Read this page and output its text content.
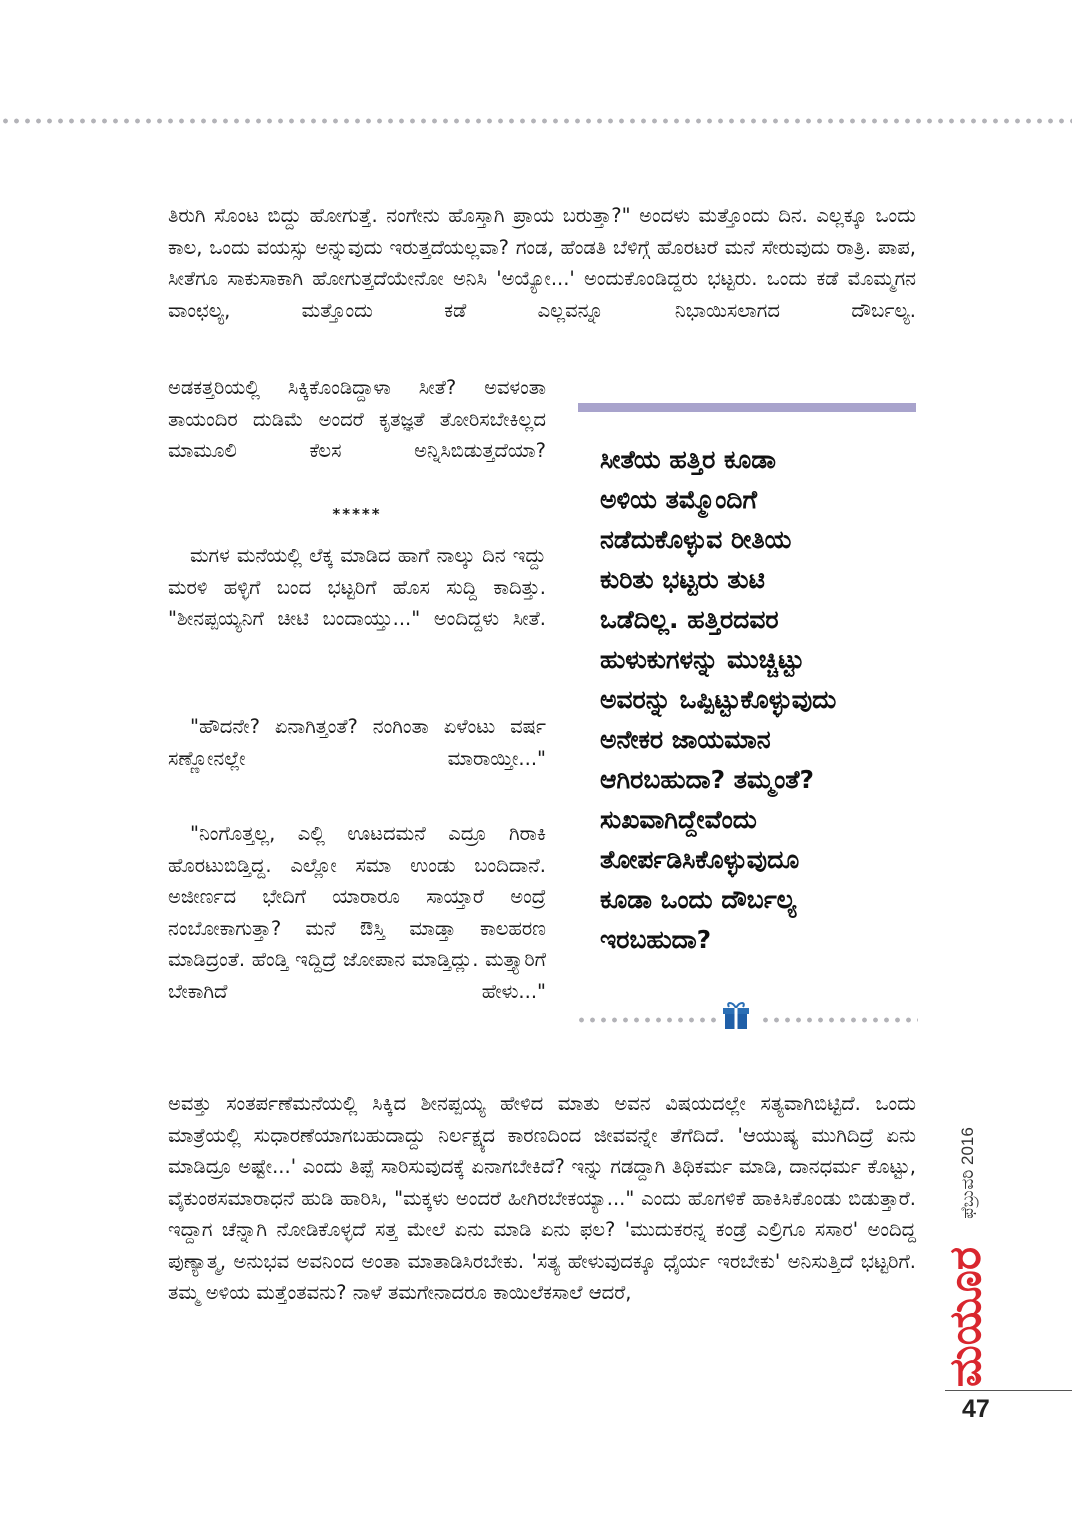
ತಿರುಗಿ ಸೊಂಟ ಬಿದ್ದು ಹೋಗುತ್ತೆ. ನಂಗೇನು ಹೊಸ್ತಾಗಿ ಪ್ರಾಯ ಬರುತ್ತಾ?" ಅಂದಳು ಮತ್ತೊಂದು ದಿನ. ಎಲ್ಲಕ್ಕೂ ಒಂದು ಕಾಲ, ಒಂದು ವಯಸ್ಸು ಅನ್ನುವುದು ಇರುತ್ತದೆಯಲ್ಲವಾ? ಗಂಡ, ಹೆಂಡತಿ ಬೆಳಿಗ್ಗೆ ಹೊರಟರೆ ಮನೆ ಸೇರುವುದು ರಾತ್ರಿ. ಪಾಪ, ಸೀತೆಗೂ ಸಾಕುಸಾಕಾಗಿ ಹೋಗುತ್ತದೆಯೇನೋ ಅನಿಸಿ 'ಅಯ್ಯೋ...' ಅಂದುಕೊಂಡಿದ್ದರು ಭಟ್ಟರು. ಒಂದು ಕಡೆ ಮೊಮ್ಮಗನ ವಾಂಛಲ್ಯ, ಮತ್ತೊಂದು ಕಡೆ ಎಲ್ಲವನ್ನೂ ನಿಭಾಯಿಸಲಾಗದ ದೌರ್ಬಲ್ಯ.

ಅಡಕತ್ತರಿಯಲ್ಲಿ ಸಿಕ್ಕಿಕೊಂಡಿದ್ದಾಳಾ ಸೀತೆ? ಅವಳಂತಾ ತಾಯಂದಿರ ದುಡಿಮೆ ಅಂದರೆ ಕೃತಜ್ಞತೆ ತೋರಿಸಬೇಕಿಲ್ಲದ ಮಾಮೂಲಿ ಕೆಲಸ ಅನ್ನಿಸಿಬಿಡುತ್ತದೆಯಾ?

*****

ಮಗಳ ಮನೆಯಲ್ಲಿ ಲೆಕ್ಕ ಮಾಡಿದ ಹಾಗೆ ನಾಲ್ಕು ದಿನ ಇದ್ದು ಮರಳಿ ಹಳ್ಳಿಗೆ ಬಂದ ಭಟ್ಟರಿಗೆ ಹೊಸ ಸುದ್ದಿ ಕಾದಿತ್ತು. "ಶೀನಪ್ಪಯ್ಯನಿಗೆ ಚೀಟಿ ಬಂದಾಯ್ತು..." ಅಂದಿದ್ದಳು ಸೀತೆ.

"ಹೌದನೇ? ಏನಾಗಿತ್ತಂತೆ? ನಂಗಿಂತಾ ಏಳೆಂಟು ವರ್ಷ ಸಣ್ಣೋನಲ್ಲೇ ಮಾರಾಯ್ತೀ..."

"ನಿಂಗೊತ್ತಲ್ಲ, ಎಲ್ಲಿ ಊಟದಮನೆ ಎದ್ರೂ ಗಿರಾಕಿ ಹೊರಟುಬಿಡ್ತಿದ್ದ. ಎಲ್ಲೋ ಸಮಾ ಉಂಡು ಬಂದಿದಾನೆ. ಅಜೀರ್ಣದ ಭೇದಿಗೆ ಯಾರಾರೂ ಸಾಯ್ತಾರೆ ಅಂದ್ರೆ ನಂಬೋಕಾಗುತ್ತಾ? ಮನೆ ಔಸ್ತಿ ಮಾಡ್ತಾ ಕಾಲಹರಣ ಮಾಡಿದ್ರಂತೆ. ಹೆಂಡ್ತಿ ಇದ್ದಿದ್ರೆ ಜೋಪಾನ ಮಾಡ್ತಿದ್ಲು. ಮತ್ತ್ಯಾರಿಗೆ ಬೇಕಾಗಿದೆ ಹೇಳು..."

ಸೀತೆಯ ಹತ್ತಿರ ಕೂಡಾ
ಅಳಿಯ ತಮ್ಮೊಂದಿಗೆ
ನಡೆದುಕೊಳ್ಳುವ ರೀತಿಯ
ಕುರಿತು ಭಟ್ಟರು ತುಟಿ
ಒಡೆದಿಲ್ಲ. ಹತ್ತಿರದವರ
ಹುಳುಕುಗಳನ್ನು ಮುಚ್ಚಿಟ್ಟು
ಅವರನ್ನು ಒಪ್ಪಿಟ್ಟುಕೊಳ್ಳುವುದು
ಅನೇಕರ ಜಾಯಮಾನ
ಆಗಿರಬಹುದಾ? ತಮ್ಮಂತೆ?
ಸುಖವಾಗಿದ್ದೇವೆಂದು
ತೋರ್ಪಡಿಸಿಕೊಳ್ಳುವುದೂ
ಕೂಡಾ ಒಂದು ದೌರ್ಬಲ್ಯ
ಇರಬಹುದಾ?

ಅವತ್ತು ಸಂತರ್ಪಣೆಮನೆಯಲ್ಲಿ ಸಿಕ್ಕಿದ ಶೀನಪ್ಪಯ್ಯ ಹೇಳಿದ ಮಾತು ಅವನ ವಿಷಯದಲ್ಲೇ ಸತ್ಯವಾಗಿಬಿಟ್ಟಿದೆ. ಒಂದು ಮಾತ್ರೆಯಲ್ಲಿ ಸುಧಾರಣೆಯಾಗಬಹುದಾದ್ದು ನಿರ್ಲಕ್ಷ್ಯದ ಕಾರಣದಿಂದ ಜೀವವನ್ನೇ ತೆಗೆದಿದೆ. 'ಆಯುಷ್ಯ ಮುಗಿದಿದ್ರೆ ಏನು ಮಾಡಿದ್ರೂ ಅಷ್ಟೇ...' ಎಂದು ತಿಪ್ಪೆ ಸಾರಿಸುವುದಕ್ಕೆ ಏನಾಗಬೇಕಿದೆ? ಇನ್ನು ಗಡದ್ದಾಗಿ ತಿಥಿಕರ್ಮ ಮಾಡಿ, ದಾನಧರ್ಮ ಕೊಟ್ಟು, ವೈಕುಂಠಸಮಾರಾಧನೆ ಹುಡಿ ಹಾರಿಸಿ, "ಮಕ್ಕಳು ಅಂದರೆ ಹೀಗಿರಬೇಕಯ್ಯಾ..." ಎಂದು ಹೊಗಳಿಕೆ ಹಾಕಿಸಿಕೊಂಡು ಬಿಡುತ್ತಾರೆ. ಇದ್ದಾಗ ಚೆನ್ನಾಗಿ ನೋಡಿಕೊಳ್ಳದೆ ಸತ್ತ ಮೇಲೆ ಏನು ಮಾಡಿ ಏನು ಫಲ? 'ಮುದುಕರನ್ನ ಕಂಡ್ರೆ ಎಲ್ರಿಗೂ ಸಸಾರ' ಅಂದಿದ್ದ ಪುಣ್ಯಾತ್ಮ, ಅನುಭವ ಅವನಿಂದ ಅಂತಾ ಮಾತಾಡಿಸಿರಬೇಕು. 'ಸತ್ಯ ಹೇಳುವುದಕ್ಕೂ ಧೈರ್ಯ ಇರಬೇಕು' ಅನಿಸುತ್ತಿದೆ ಭಟ್ಟರಿಗೆ. ತಮ್ಮ ಅಳಿಯ ಮತ್ತೆಂತವನು? ನಾಳೆ ತಮಗೇನಾದರೂ ಕಾಯಿಲೆಕಸಾಲೆ ಆದರೆ,

ಫೆಬ್ರುವರಿ 2016
ಮಯೂರ
47
